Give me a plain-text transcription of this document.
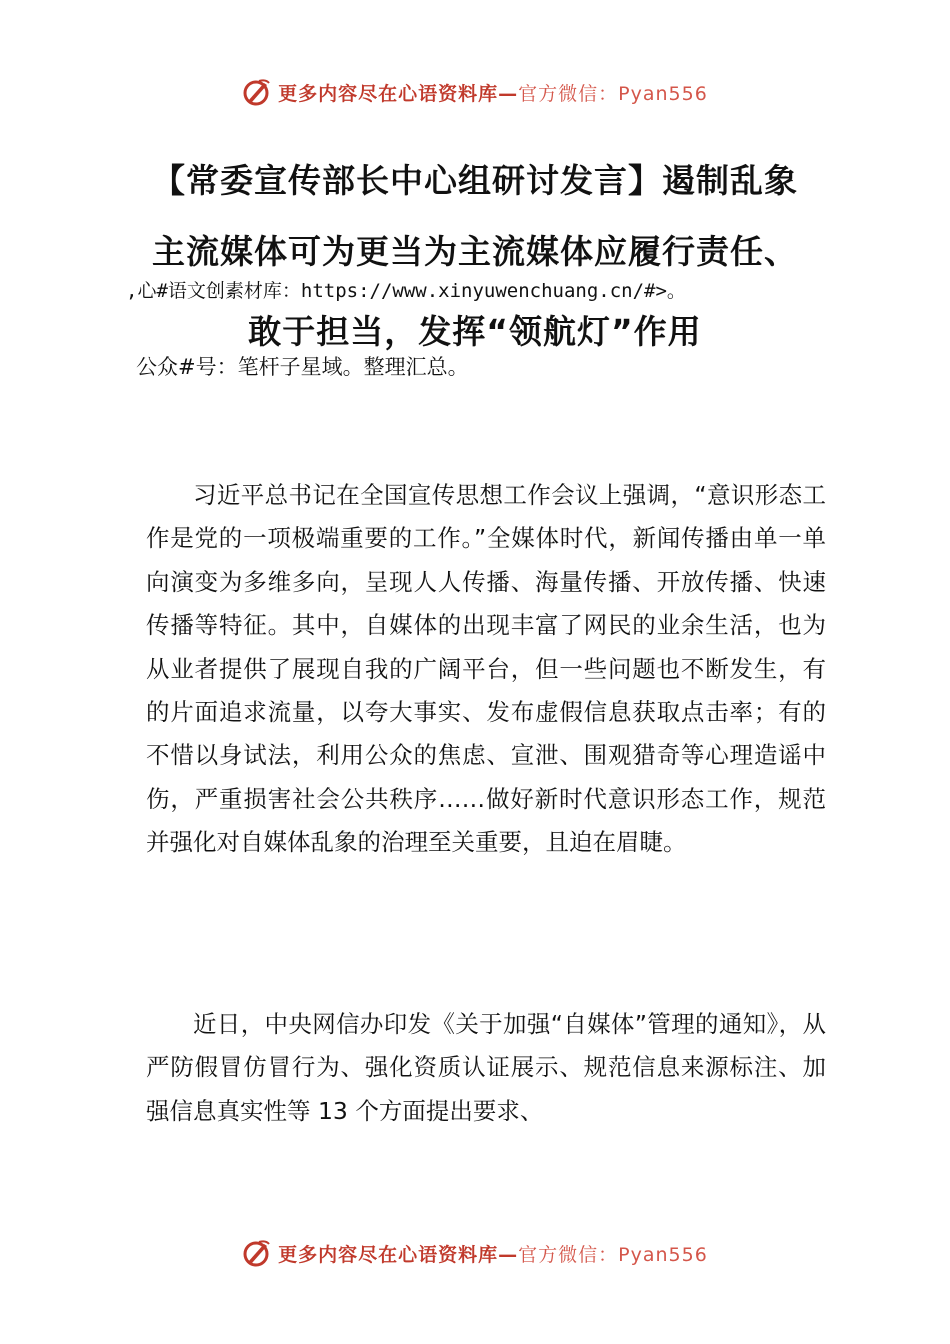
更多内容尽在心语资料库—官方微信：Pyan556
【常委宣传部长中心组研讨发言】遏制乱象
主流媒体可为更当为主流媒体应履行责任、
,心#语文创素材库：https://www.xinyuwenchuang.cn/#>。
敢于担当，发挥“领航灯”作用
公众#号：笔杆子星域。整理汇总。

习近平总书记在全国宣传思想工作会议上强调，“意识形态工作是党的一项极端重要的工作。”全媒体时代，新闻传播由单一单向演变为多维多向，呈现人人传播、海量传播、开放传播、快速传播等特征。其中，自媒体的出现丰富了网民的业余生活，也为从业者提供了展现自我的广阔平台，但一些问题也不断发生，有的片面追求流量，以夸大事实、发布虚假信息获取点击率；有的不惜以身试法，利用公众的焦虑、宣泄、围观猎奇等心理造谣中伤，严重损害社会公共秩序……做好新时代意识形态工作，规范并强化对自媒体乱象的治理至关重要，且迫在眉睫。

近日，中央网信办印发《关于加强“自媒体”管理的通知》，从严防假冒仿冒行为、强化资质认证展示、规范信息来源标注、加强信息真实性等 13 个方面提出要求、

更多内容尽在心语资料库—官方微信：Pyan556
